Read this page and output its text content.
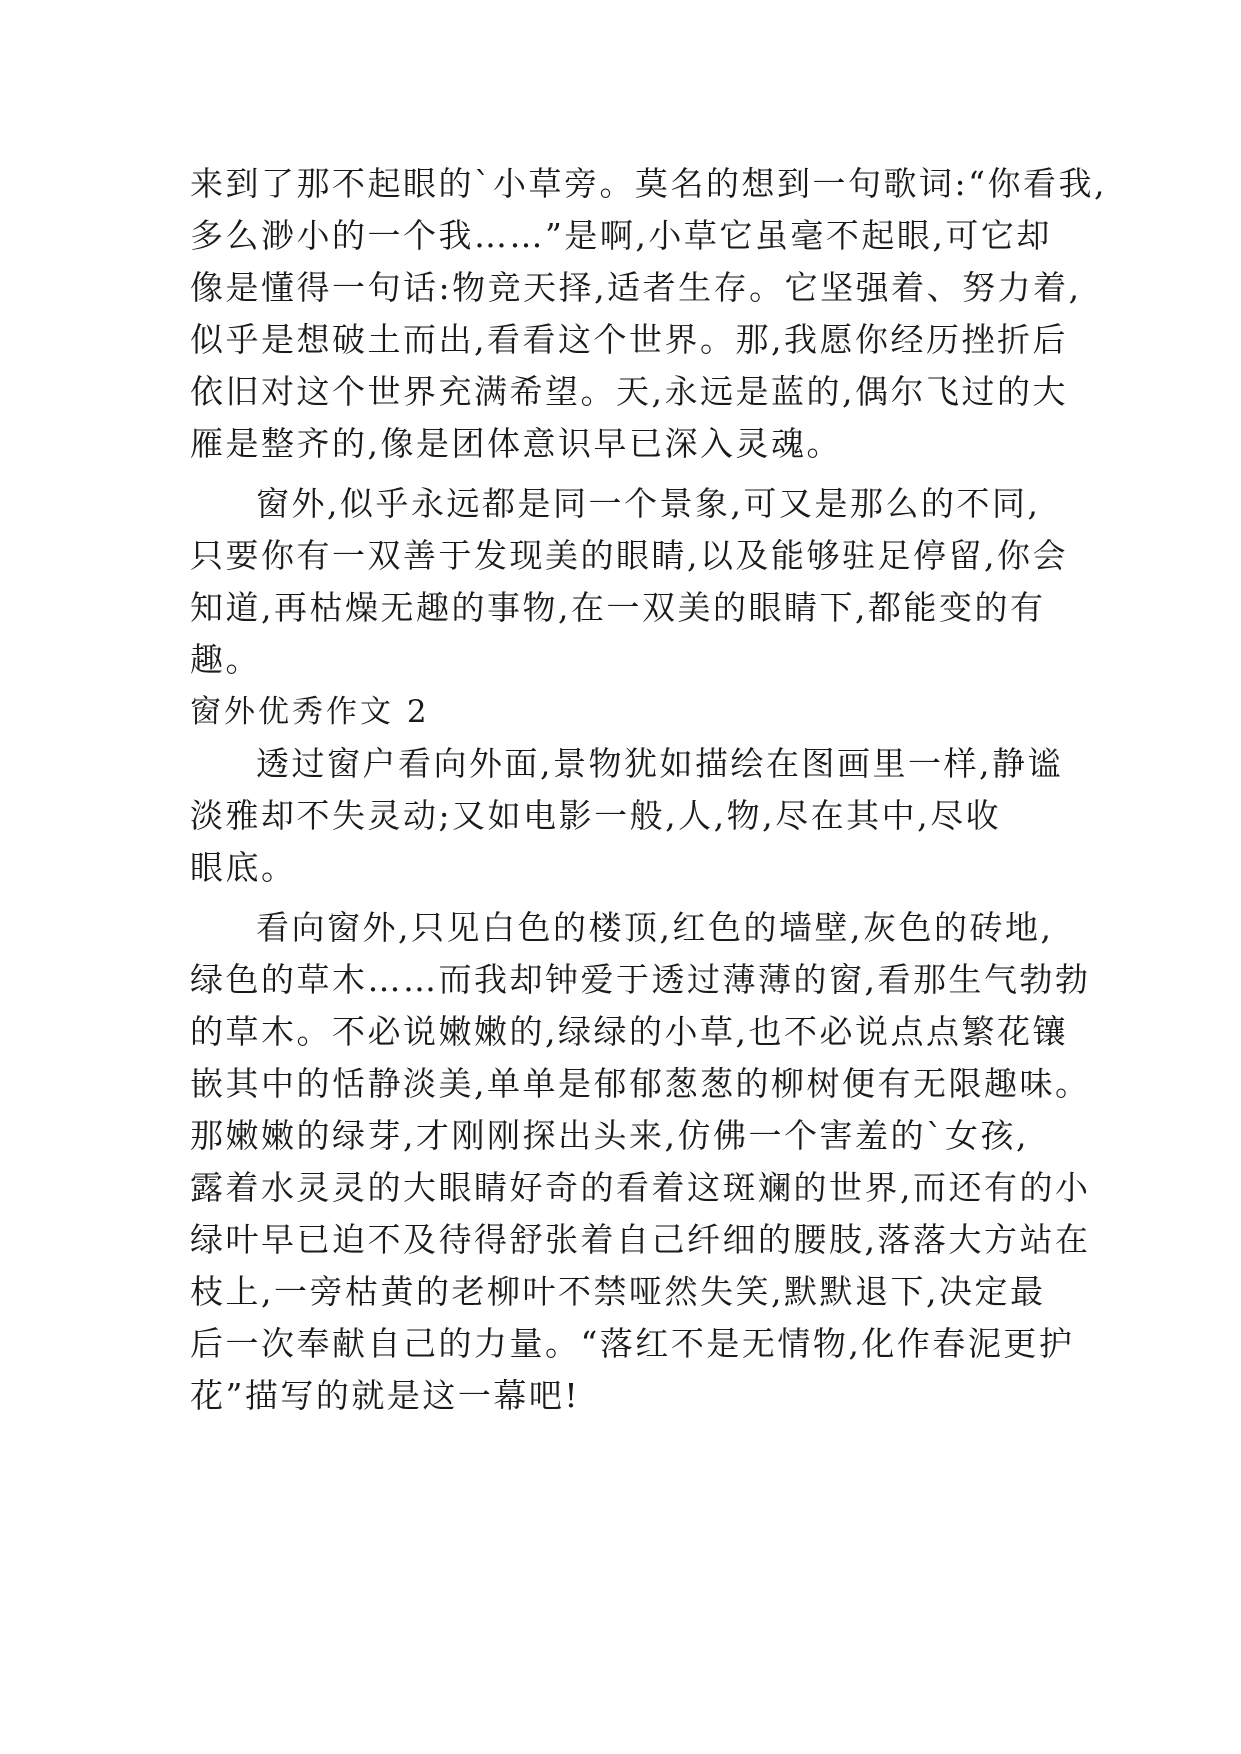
来到了那不起眼的`小草旁。莫名的想到一句歌词:“你看我,
多么渺小的一个我……”是啊,小草它虽毫不起眼,可它却
像是懂得一句话:物竞天择,适者生存。它坚强着、努力着,
似乎是想破土而出,看看这个世界。那,我愿你经历挫折后
依旧对这个世界充满希望。天,永远是蓝的,偶尔飞过的大
雁是整齐的,像是团体意识早已深入灵魂。
窗外,似乎永远都是同一个景象,可又是那么的不同,
只要你有一双善于发现美的眼睛,以及能够驻足停留,你会
知道,再枯燥无趣的事物,在一双美的眼睛下,都能变的有
趣。
窗外优秀作文 2
透过窗户看向外面,景物犹如描绘在图画里一样,静谧
淡雅却不失灵动;又如电影一般,人,物,尽在其中,尽收
眼底。
看向窗外,只见白色的楼顶,红色的墙壁,灰色的砖地,
绿色的草木……而我却钟爱于透过薄薄的窗,看那生气勃勃
的草木。不必说嫩嫩的,绿绿的小草,也不必说点点繁花镶
嵌其中的恬静淡美,单单是郁郁葱葱的柳树便有无限趣味。
那嫩嫩的绿芽,才刚刚探出头来,仿佛一个害羞的`女孩,
露着水灵灵的大眼睛好奇的看着这斑斓的世界,而还有的小
绿叶早已迫不及待得舒张着自己纤细的腰肢,落落大方站在
枝上,一旁枯黄的老柳叶不禁哑然失笑,默默退下,决定最
后一次奉献自己的力量。“落红不是无情物,化作春泥更护
花”描写的就是这一幕吧!
